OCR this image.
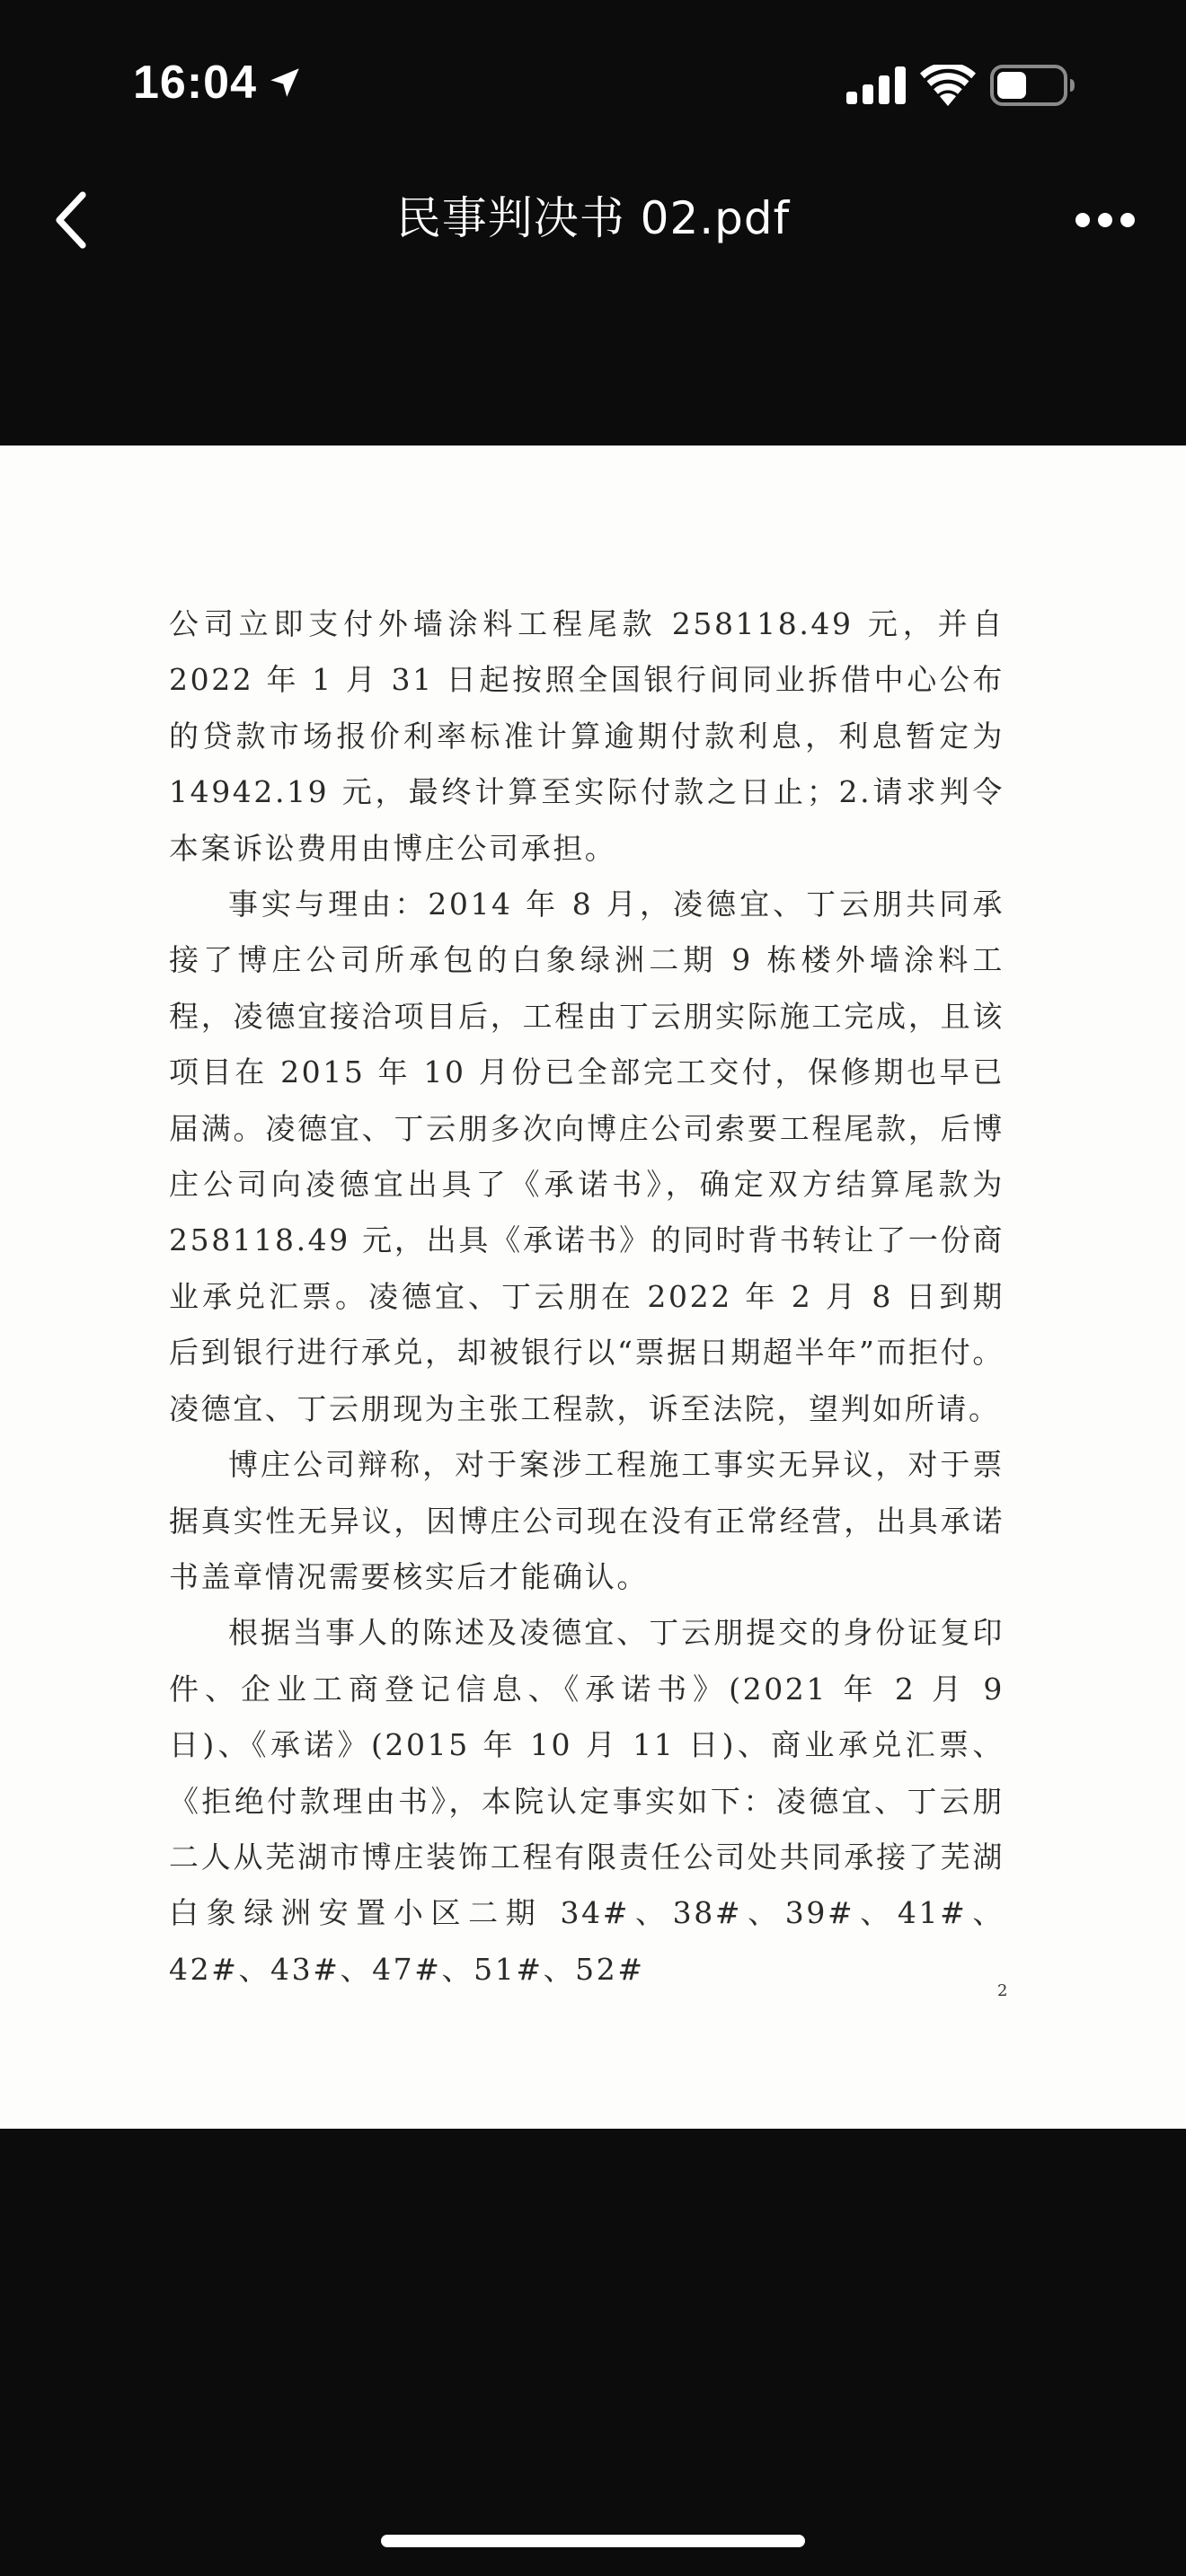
16:04
民事判决书 02.pdf

公司立即支付外墙涂料工程尾款 258118.49 元，并自 2022 年 1 月 31 日起按照全国银行间同业拆借中心公布的贷款市场报价利率标准计算逾期付款利息，利息暂定为 14942.19 元，最终计算至实际付款之日止；2.请求判令本案诉讼费用由博庄公司承担。

事实与理由：2014 年 8 月，凌德宜、丁云朋共同承接了博庄公司所承包的白象绿洲二期 9 栋楼外墙涂料工程，凌德宜接洽项目后，工程由丁云朋实际施工完成，且该项目在 2015 年 10 月份已全部完工交付，保修期也早已届满。凌德宜、丁云朋多次向博庄公司索要工程尾款，后博庄公司向凌德宜出具了《承诺书》，确定双方结算尾款为 258118.49 元，出具《承诺书》的同时背书转让了一份商业承兑汇票。凌德宜、丁云朋在 2022 年 2 月 8 日到期后到银行进行承兑，却被银行以“票据日期超半年”而拒付。凌德宜、丁云朋现为主张工程款，诉至法院，望判如所请。

博庄公司辩称，对于案涉工程施工事实无异议，对于票据真实性无异议，因博庄公司现在没有正常经营，出具承诺书盖章情况需要核实后才能确认。

根据当事人的陈述及凌德宜、丁云朋提交的身份证复印件、企业工商登记信息、《承诺书》(2021 年 2 月 9 日)、《承诺》(2015 年 10 月 11 日)、商业承兑汇票、《拒绝付款理由书》，本院认定事实如下：凌德宜、丁云朋二人从芜湖市博庄装饰工程有限责任公司处共同承接了芜湖白象绿洲安置小区二期 34#、38#、39#、41#、42#、43#、47#、51#、52#

2
